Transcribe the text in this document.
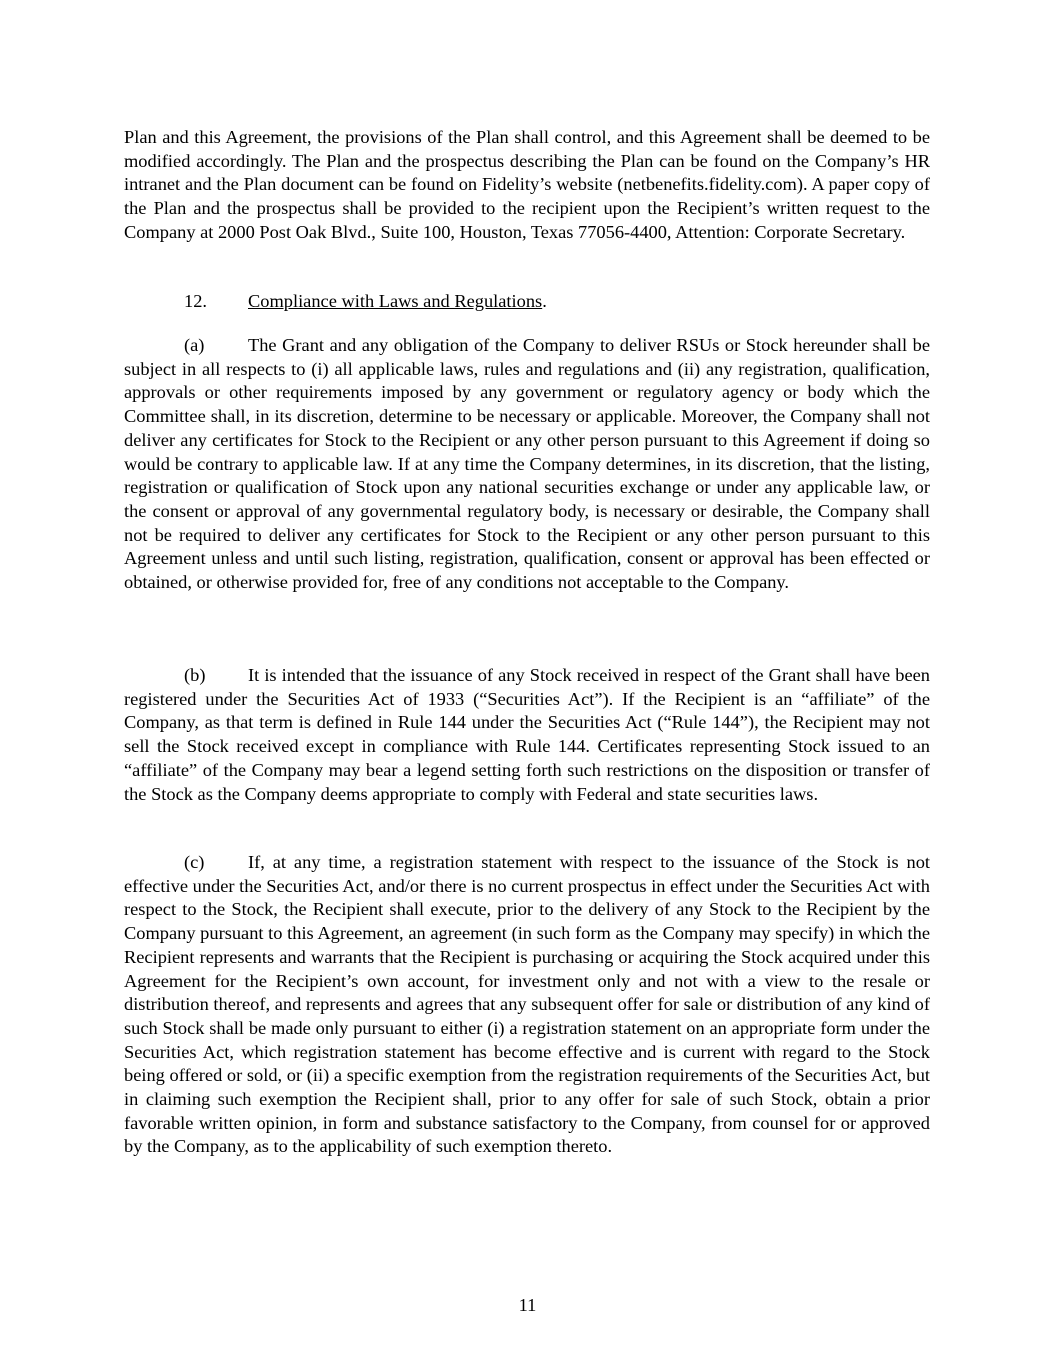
Plan and this Agreement, the provisions of the Plan shall control, and this Agreement shall be deemed to be modified accordingly. The Plan and the prospectus describing the Plan can be found on the Company’s HR intranet and the Plan document can be found on Fidelity’s website (netbenefits.fidelity.com). A paper copy of the Plan and the prospectus shall be provided to the recipient upon the Recipient’s written request to the Company at 2000 Post Oak Blvd., Suite 100, Houston, Texas 77056-4400, Attention: Corporate Secretary.

12. Compliance with Laws and Regulations.

(a) The Grant and any obligation of the Company to deliver RSUs or Stock hereunder shall be subject in all respects to (i) all applicable laws, rules and regulations and (ii) any registration, qualification, approvals or other requirements imposed by any government or regulatory agency or body which the Committee shall, in its discretion, determine to be necessary or applicable. Moreover, the Company shall not deliver any certificates for Stock to the Recipient or any other person pursuant to this Agreement if doing so would be contrary to applicable law. If at any time the Company determines, in its discretion, that the listing, registration or qualification of Stock upon any national securities exchange or under any applicable law, or the consent or approval of any governmental regulatory body, is necessary or desirable, the Company shall not be required to deliver any certificates for Stock to the Recipient or any other person pursuant to this Agreement unless and until such listing, registration, qualification, consent or approval has been effected or obtained, or otherwise provided for, free of any conditions not acceptable to the Company.

(b) It is intended that the issuance of any Stock received in respect of the Grant shall have been registered under the Securities Act of 1933 (“Securities Act”). If the Recipient is an “affiliate” of the Company, as that term is defined in Rule 144 under the Securities Act (“Rule 144”), the Recipient may not sell the Stock received except in compliance with Rule 144. Certificates representing Stock issued to an “affiliate” of the Company may bear a legend setting forth such restrictions on the disposition or transfer of the Stock as the Company deems appropriate to comply with Federal and state securities laws.

(c) If, at any time, a registration statement with respect to the issuance of the Stock is not effective under the Securities Act, and/or there is no current prospectus in effect under the Securities Act with respect to the Stock, the Recipient shall execute, prior to the delivery of any Stock to the Recipient by the Company pursuant to this Agreement, an agreement (in such form as the Company may specify) in which the Recipient represents and warrants that the Recipient is purchasing or acquiring the Stock acquired under this Agreement for the Recipient’s own account, for investment only and not with a view to the resale or distribution thereof, and represents and agrees that any subsequent offer for sale or distribution of any kind of such Stock shall be made only pursuant to either (i) a registration statement on an appropriate form under the Securities Act, which registration statement has become effective and is current with regard to the Stock being offered or sold, or (ii) a specific exemption from the registration requirements of the Securities Act, but in claiming such exemption the Recipient shall, prior to any offer for sale of such Stock, obtain a prior favorable written opinion, in form and substance satisfactory to the Company, from counsel for or approved by the Company, as to the applicability of such exemption thereto.

11
